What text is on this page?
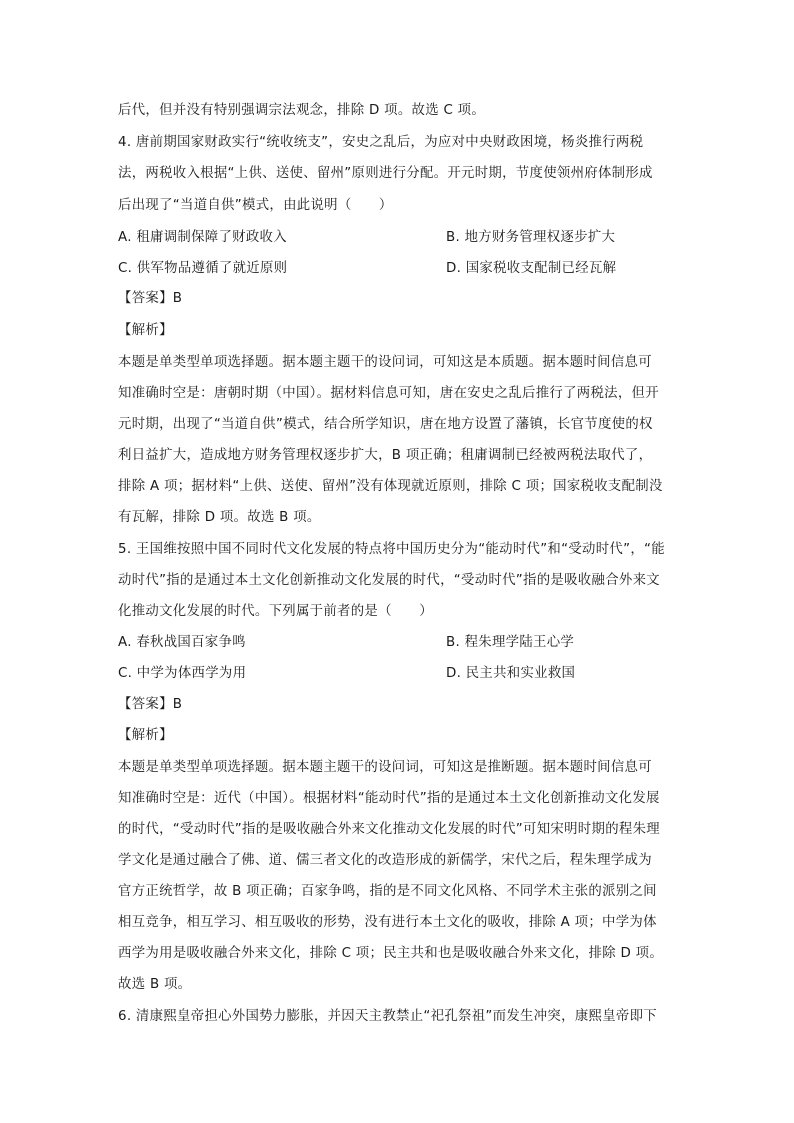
后代，但并没有特别强调宗法观念，排除 D 项。故选 C 项。
4. 唐前期国家财政实行“统收统支”，安史之乱后，为应对中央财政困境，杨炎推行两税
法，两税收入根据“上供、送使、留州”原则进行分配。开元时期，节度使领州府体制形成
后出现了“当道自供”模式，由此说明（　　）
A. 租庸调制保障了财政收入	B. 地方财务管理权逐步扩大
C. 供军物品遵循了就近原则	D. 国家税收支配制已经瓦解
【答案】B
【解析】
本题是单类型单项选择题。据本题主题干的设问词，可知这是本质题。据本题时间信息可
知准确时空是：唐朝时期（中国）。据材料信息可知，唐在安史之乱后推行了两税法，但开
元时期，出现了“当道自供”模式，结合所学知识，唐在地方设置了藩镇，长官节度使的权
利日益扩大，造成地方财务管理权逐步扩大，B 项正确；租庸调制已经被两税法取代了，
排除 A 项；据材料“上供、送使、留州”没有体现就近原则，排除 C 项；国家税收支配制没
有瓦解，排除 D 项。故选 B 项。
5. 王国维按照中国不同时代文化发展的特点将中国历史分为“能动时代”和“受动时代”，“能
动时代”指的是通过本土文化创新推动文化发展的时代，“受动时代”指的是吸收融合外来文
化推动文化发展的时代。下列属于前者的是（　　）
A. 春秋战国百家争鸣	B. 程朱理学陆王心学
C. 中学为体西学为用	D. 民主共和实业救国
【答案】B
【解析】
本题是单类型单项选择题。据本题主题干的设问词，可知这是推断题。据本题时间信息可
知准确时空是：近代（中国）。根据材料“能动时代”指的是通过本土文化创新推动文化发展
的时代，“受动时代”指的是吸收融合外来文化推动文化发展的时代”可知宋明时期的程朱理
学文化是通过融合了佛、道、儒三者文化的改造形成的新儒学，宋代之后，程朱理学成为
官方正统哲学，故 B 项正确；百家争鸣，指的是不同文化风格、不同学术主张的派别之间
相互竞争，相互学习、相互吸收的形势，没有进行本土文化的吸收，排除 A 项；中学为体
西学为用是吸收融合外来文化，排除 C 项；民主共和也是吸收融合外来文化，排除 D 项。
故选 B 项。
6. 清康熙皇帝担心外国势力膨胀，并因天主教禁止“祀孔祭祖”而发生冲突，康熙皇帝即下
